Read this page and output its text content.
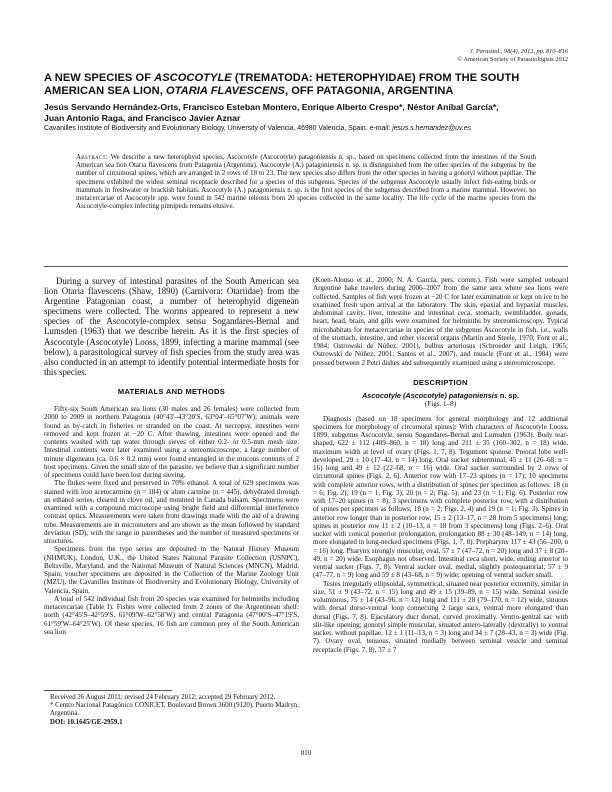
J. Parasitol., 98(4), 2012, pp. 810–816
© American Society of Parasitologists 2012
A NEW SPECIES OF ASCOCOTYLE (TREMATODA: HETEROPHYIDAE) FROM THE SOUTH AMERICAN SEA LION, OTARIA FLAVESCENS, OFF PATAGONIA, ARGENTINA
Jesús Servando Hernández-Orts, Francisco Esteban Montero, Enrique Alberto Crespo*, Néstor Aníbal García*,
Juan Antonio Raga, and Francisco Javier Aznar
Cavanilles Institute of Biodiversity and Evolutionary Biology, University of Valencia, 46980 Valencia, Spain. e-mail: jesus.s.hernandez@uv.es

Abstract: We describe a new heterophyid species, Ascocotyle (Ascocotyle) patagoniensis n. sp., based on specimens collected from the intestines of the South American sea lion Otaria flavescens from Patagonia (Argentina). Ascocotyle (A.) patagoniensis n. sp. is distinguished from the other species of the subgenus by the number of circumoral spines, which are arranged in 2 rows of 18 to 23. The new species also differs from the other species in having a gonotyl without papillae. The specimens exhibited the widest seminal receptacle described for a species of this subgenus. Species of the subgenus Ascocotyle usually infect fish-eating birds or mammals in freshwater or brackish habitats. Ascocotyle (A.) patagoniensis n. sp. is the first species of the subgenus described from a marine mammal. However, no metacercariae of Ascocotyle spp. were found in 542 marine teleosts from 20 species collected in the same locality. The life cycle of the marine species from the Ascocotyle-complex infecting pinnipeds remains elusive.

During a survey of intestinal parasites of the South American sea lion Otaria flavescens (Shaw, 1890) (Carnivora: Otariidae) from the Argentine Patagonian coast, a number of heterophyid digenean specimens were collected. The worms appeared to represent a new species of the Ascocotyle-complex sensu Sogandares-Bernal and Lumsden (1963) that we describe herein. As it is the first species of Ascocotyle (Ascocotyle) Looss, 1899, infecting a marine mammal (see below), a parasitological survey of fish species from the study area was also conducted in an attempt to identify potential intermediate hosts for this species.

MATERIALS AND METHODS

Fifty-six South American sea lions (30 males and 26 females) were collected from 2000 to 2009 in northern Patagonia (40°43′–43°20′S, 63°04′–65°07′W); animals were found as by-catch in fisheries or stranded on the coast. At necropsy, intestines were removed and kept frozen at −20 C. After thawing, intestines were opened and the contents washed with tap water through sieves of either 0.2- or 0.5-mm mesh size. Intestinal contents were later examined using a stereomicroscope; a large number of minute digeneans (ca. 0.6 × 0.2 mm) were found entangled in the mucous contents of 2 host specimens. Given the small size of the parasite, we believe that a significant number of specimens could have been lost during sieving.

The flukes were fixed and preserved in 70% ethanol. A total of 629 specimens was stained with iron acetocarmine (n = 184) or alum carmine (n = 445), dehydrated through an ethanol series, cleared in clove oil, and mounted in Canada balsam. Specimens were examined with a compound microscope using bright field and differential interference contrast optics. Measurements were taken from drawings made with the aid of a drawing tube. Measurements are in micrometers and are shown as the mean followed by standard deviation (SD), with the range in parentheses and the number of measured specimens or structures.

Specimens from the type series are deposited in the Natural History Museum (NHMUK), London, U.K., the United States National Parasite Collection (USNPC), Beltsville, Maryland, and the National Museum of Natural Sciences (MNCN), Madrid, Spain; voucher specimens are deposited in the Collection of the Marine Zoology Unit (MZU), the Cavanilles Institute of Biodiversity and Evolutionary Biology, University of Valencia, Spain.

A total of 542 individual fish from 20 species was examined for helminths including metacercariae (Table I). Fishes were collected from 2 zones of the Argentinean shelf: north (42°45′S–42°59′S, 61°09′W–62°58′W) and central Patagonia (47°00′S–47°19′S, 61°59′W–64°25′W). Of these species, 16 fish are common prey of the South American sea lion

Received 26 August 2011; revised 24 February 2012; accepted 29 February 2012.

* Centro Nacional Patagónico CONICET, Boulevard Brown 3600 (9120), Puerto Madryn, Argentina.

DOI: 10.1645/GE-2959.1

(Koen-Alonso et al., 2000; N. A. García, pers. comm.). Fish were sampled onboard Argentine hake trawlers during 2006–2007 from the same area where sea lions were collected. Samples of fish were frozen at −20 C for later examination or kept on ice to be examined fresh upon arrival at the laboratory. The skin, epaxial and hypaxial muscles, abdominal cavity, liver, intestine and intestinal ceca, stomach, swimbladder, gonads, heart, head, brain, and gills were examined for helminths by stereomicroscopy. Typical microhabitats for metacercariae in species of the subgenus Ascocotyle in fish, i.e., walls of the stomach, intestine, and other visceral organs (Martin and Steele, 1970; Font et al., 1984; Ostrowski de Núñez, 2001), bulbus arteriosus (Schroeder and Leigh, 1965; Ostrowski de Núñez, 2001; Santos et al., 2007), and muscle (Font et al., 1984) were pressed between 2 Petri dishes and subsequently examined using a stereomicroscope.

DESCRIPTION
Ascocotyle (Ascocotyle) patagoniensis n. sp.
(Figs. 1–8)

Diagnosis (based on 18 specimens for general morphology and 12 additional specimens for morphology of circumoral spines): With characters of Ascocotyle Looss, 1899, subgenus Ascocotyle, sensu Sogandares-Bernal and Lumsden (1963). Body tear-shaped, 622 ± 112 (489–860, n = 18) long and 211 ± 35 (160–302, n = 18) wide, maximum width at level of ovary (Figs. 1, 7, 8). Tegument spinose. Preoral lobe well-developed, 29 ± 10 (17–43, n = 14) long. Oral sucker subterminal, 45 ± 11 (26–68, n = 16) long and 49 ± 12 (22–68, n = 16) wide. Oral sucker surrounded by 2 rows of circumoral spines (Figs. 2, 6). Anterior row with 17–23 spines (n = 17); 10 specimens with complete anterior rows, with a distribution of spines per specimen as follows: 18 (n = 6; Fig. 2); 19 (n = 1; Fig. 3); 20 (n = 2; Fig. 5); and 23 (n = 1; Fig. 6). Posterior row with 17–20 spines (n = 8); 3 specimens with complete posterior row, with a distribution of spines per specimen as follows; 18 (n = 2; Figs. 2, 4) and 19 (n = 1; Fig. 3). Spines in anterior row longer than in posterior row, 15 ± 2 (13–17, n = 28 from 5 specimens) long; spines in posterior row 11 ± 2 (10–13, n = 18 from 3 specimens) long (Figs. 2–6). Oral sucker with conical posterior prolongation, prolongation 88 ± 30 (48–149, n = 14) long, more elongated in long-necked specimens (Figs. 1, 7, 8). Prepharynx 117 ± 43 (56–200, n = 16) long. Pharynx strongly muscular, oval, 57 ± 7 (47–72, n = 20) long and 37 ± 8 (20–49, n = 20) wide. Esophagus not observed. Intestinal ceca short, wide, ending anterior to ventral sucker (Figs. 7, 8). Ventral sucker oval, medial, slightly postequatorial, 57 ± 9 (47–77, n = 9) long and 59 ± 8 (43–68, n = 9) wide; opening of ventral sucker small.

Testes irregularly ellipsoidal, symmetrical, situated near posterior extremity, similar in size, 51 ± 9 (43–72, n = 15) long and 49 ± 15 (39–89, n = 15) wide. Seminal vesicle voluminous, 75 ± 14 (43–96, n = 12) long and 111 ± 28 (79–170, n = 12) wide, sinuous with dorsal dorso-ventral loop connecting 2 large sacs, ventral more elongated than dorsal (Figs. 7, 8). Ejaculatory duct dorsal, curved proximally. Ventro-genital sac with slit-like opening; gonotyl simple muscular, situated antero-laterally (dextrally) to ventral sucker, without papillae, 12 ± 1 (11–13, n = 3) long and 34 ± 7 (28–43, n = 3) wide (Fig. 7). Ovary oval, tenuous, situated medially between seminal vesicle and seminal receptacle (Figs. 7, 8), 37 ± 7

810
